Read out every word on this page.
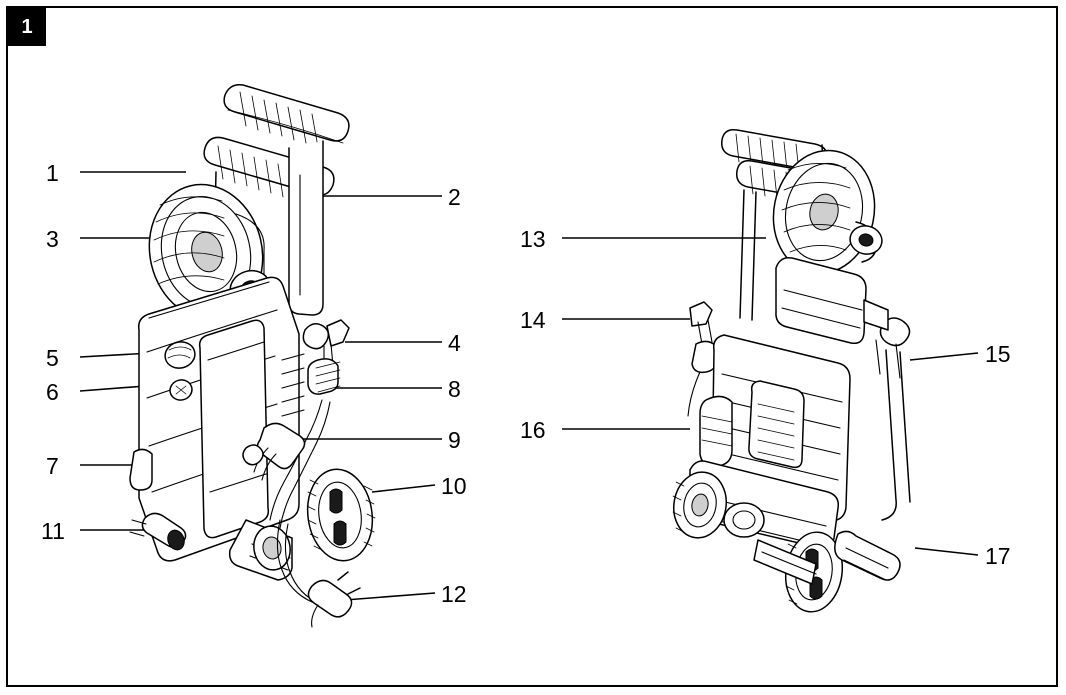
1
1
2
3
4
5
6
7
8
9
10
11
12
13
14
15
16
17
